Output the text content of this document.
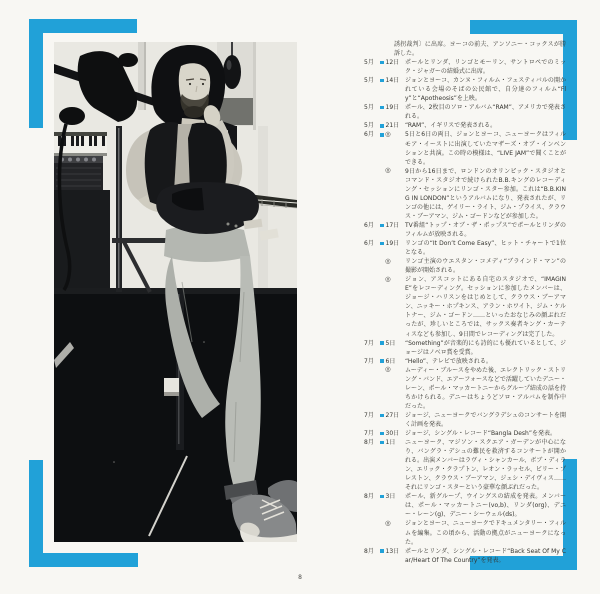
誘拐裁判〕に出席。ヨーコの前夫、アンソニー・コックスが勝訴した。
5月	12日 ポールとリンダ、リンゴとモーリン、サントロペでのミック・ジャガーの結婚式に出席。
5月	14日 ジョンとヨーコ、カンヌ・フィルム・フェスティバルの開かれている会場のそばの公民館で、自分達のフィルム“Fly”と“Apotheosis”を上映。
5月	19日 ポール、2枚目のソロ・アルバム“RAM”、アメリカで発表される。
5月	21日 “RAM”、イギリスで発表される。
6月	◎ 5日と6日の両日、ジョンとヨーコ、ニューヨークはフィルモア・イーストに出演していたマザーズ・オブ・インベンションと共演。この時の模様は、“LIVE JAM”で聞くことができる。
◎ 9日から16日まで、ロンドンのオリンピック・スタジオとコマンド・スタジオで続けられたB.B.キングのレコーディング・セッションにリンゴ・スター参加。これは“B.B.KING IN LONDON”というアルバムになり、発表されたが、リンゴの他には、ゲイリー・ライト、ジム・プライス、クラウス・ブーアマン、ジム・ゴードンなどが参加した。
6月	17日 TV番組“トップ・オブ・ザ・ポップス”でポールとリンダのフィルムが放映される。
6月	19日 リンゴの“It Don’t Come Easy”、ヒット・チャートで1位となる。
◎ リンゴ主演のウエスタン・コメディ“ブラインド・マン”の撮影が開始される。
◎ ジョン、アスコットにある自宅のスタジオで、“IMAGINE”をレコーディング。セッションに参加したメンバーは、ジョージ・ハリスンをはじめとして、クラウス・ブーアマン、ニッキー・ホプキンス、アラン・ホワイト、ジム・ケルトナー、ジム・ゴードン……といったおなじみの顔ぶれだったが、珍しいところでは、サックス奏者キング・カーティスなども参加し、9日間でレコーディングは完了した。
7月	5日 “Something”が音楽的にも詩的にも優れているとして、ジョージはノベロ賞を受賞。
7月	6日 “Hello”、テレビで放映される。
◎ ムーディー・ブルースをやめた後、エレクトリック・ストリング・バンド、エアーフォースなどで活躍していたデニー・レーン、ポール・マッカートニーからグループ結成の話を持ちかけられる。デニーはちょうどソロ・アルバムを制作中だった。
7月	27日 ジョージ、ニューヨークでバングラデシュのコンサートを開く計画を発表。
7月	30日 ジョージ、シングル・レコード“Bangla Desh”を発表。
8月	1日 ニューヨーク、マジソン・スクエア・ガーデンが中心になり、バングラ・デシュの難民を救済するコンサートが開かれる。出演メンバーはラヴィ・シャンカール、ボブ・ディラン、エリック・クラプトン、レオン・ラッセル、ビリー・プレストン、クラウス・ブーアマン、ジェシ・デイヴィス……それにリンゴ・スターという豪華な顔ぶれだった。
8月	3日 ポール、新グループ、ウイングスの結成を発表。メンバーは、ポール・マッカートニー(vo,b)、リンダ(org)、デニー・レーン(g)、デニー・シーウェル(ds)。
◎ ジョンとヨーコ、ニューヨークでドキュメンタリー・フィルムを編集。この頃から、活動の拠点がニューヨークになった。
8月	13日 ポールとリンダ、シングル・レコード“Back Seat Of My Car/Heart Of The Country”を発表。
8
